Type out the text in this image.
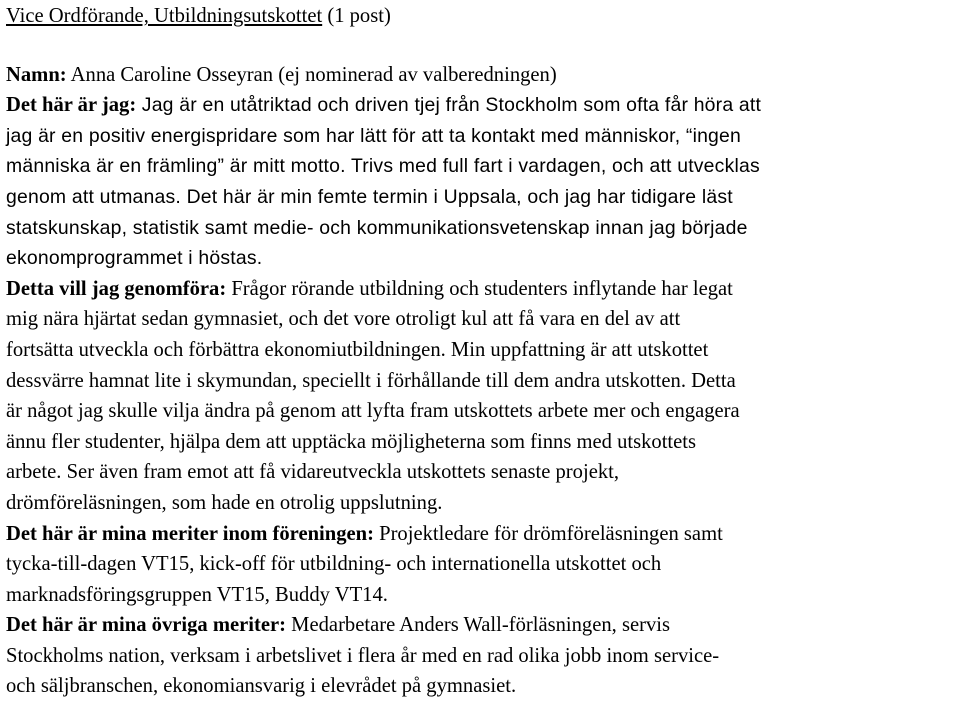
Vice Ordförande, Utbildningsutskottet (1 post)
Namn: Anna Caroline Osseyran (ej nominerad av valberedningen)
Det här är jag: Jag är en utåtriktad och driven tjej från Stockholm som ofta får höra att
jag är en positiv energispridare som har lätt för att ta kontakt med människor, “ingen
människa är en främling” är mitt motto. Trivs med full fart i vardagen, och att utvecklas
genom att utmanas. Det här är min femte termin i Uppsala, och jag har tidigare läst
statskunskap, statistik samt medie- och kommunikationsvetenskap innan jag började
ekonomprogrammet i höstas.
Detta vill jag genomföra: Frågor rörande utbildning och studenters inflytande har legat
mig nära hjärtat sedan gymnasiet, och det vore otroligt kul att få vara en del av att
fortsätta utveckla och förbättra ekonomiutbildningen. Min uppfattning är att utskottet
dessvärre hamnat lite i skymundan, speciellt i förhållande till dem andra utskotten. Detta
är något jag skulle vilja ändra på genom att lyfta fram utskottets arbete mer och engagera
ännu fler studenter, hjälpa dem att upptäcka möjligheterna som finns med utskottets
arbete. Ser även fram emot att få vidareutveckla utskottets senaste projekt,
drömföreläsningen, som hade en otrolig uppslutning.
Det här är mina meriter inom föreningen: Projektledare för drömföreläsningen samt
tycka-till-dagen VT15, kick-off för utbildning- och internationella utskottet och
marknadsföringsgruppen VT15, Buddy VT14.
Det här är mina övriga meriter: Medarbetare Anders Wall-förläsningen, servis
Stockholms nation, verksam i arbetslivet i flera år med en rad olika jobb inom service-
och säljbranschen, ekonomiansvarig i elevrådet på gymnasiet.
